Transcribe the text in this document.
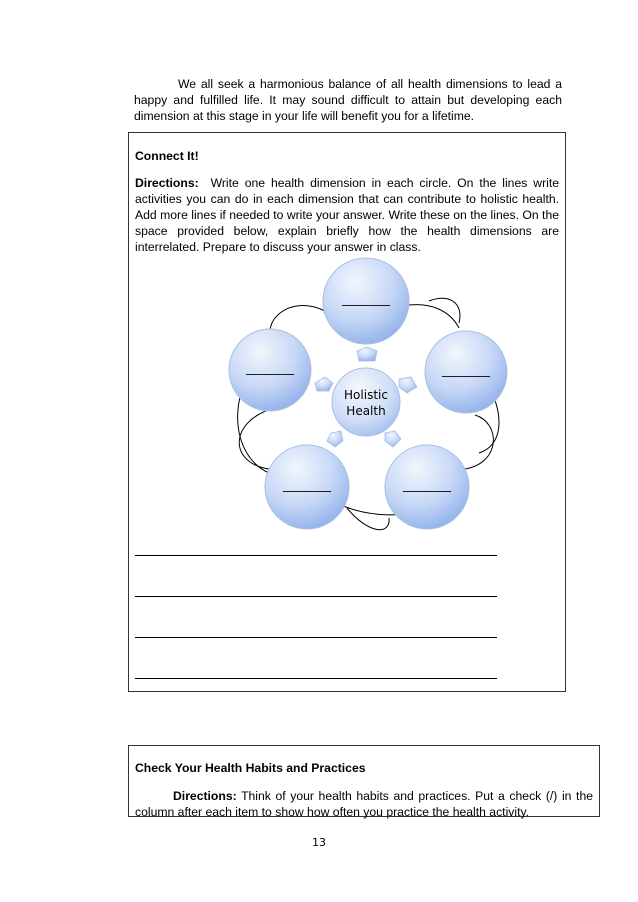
We all seek a harmonious balance of all health dimensions to lead a happy and fulfilled life. It may sound difficult to attain but developing each dimension at this stage in your life will benefit you for a lifetime.

Connect It!

Directions: Write one health dimension in each circle. On the lines write activities you can do in each dimension that can contribute to holistic health. Add more lines if needed to write your answer. Write these on the lines. On the space provided below, explain briefly how the health dimensions are interrelated. Prepare to discuss your answer in class.

________
________	________
________	________
Holistic
Health

Check Your Health Habits and Practices

Directions: Think of your health habits and practices. Put a check (/) in the column after each item to show how often you practice the health activity.

13
